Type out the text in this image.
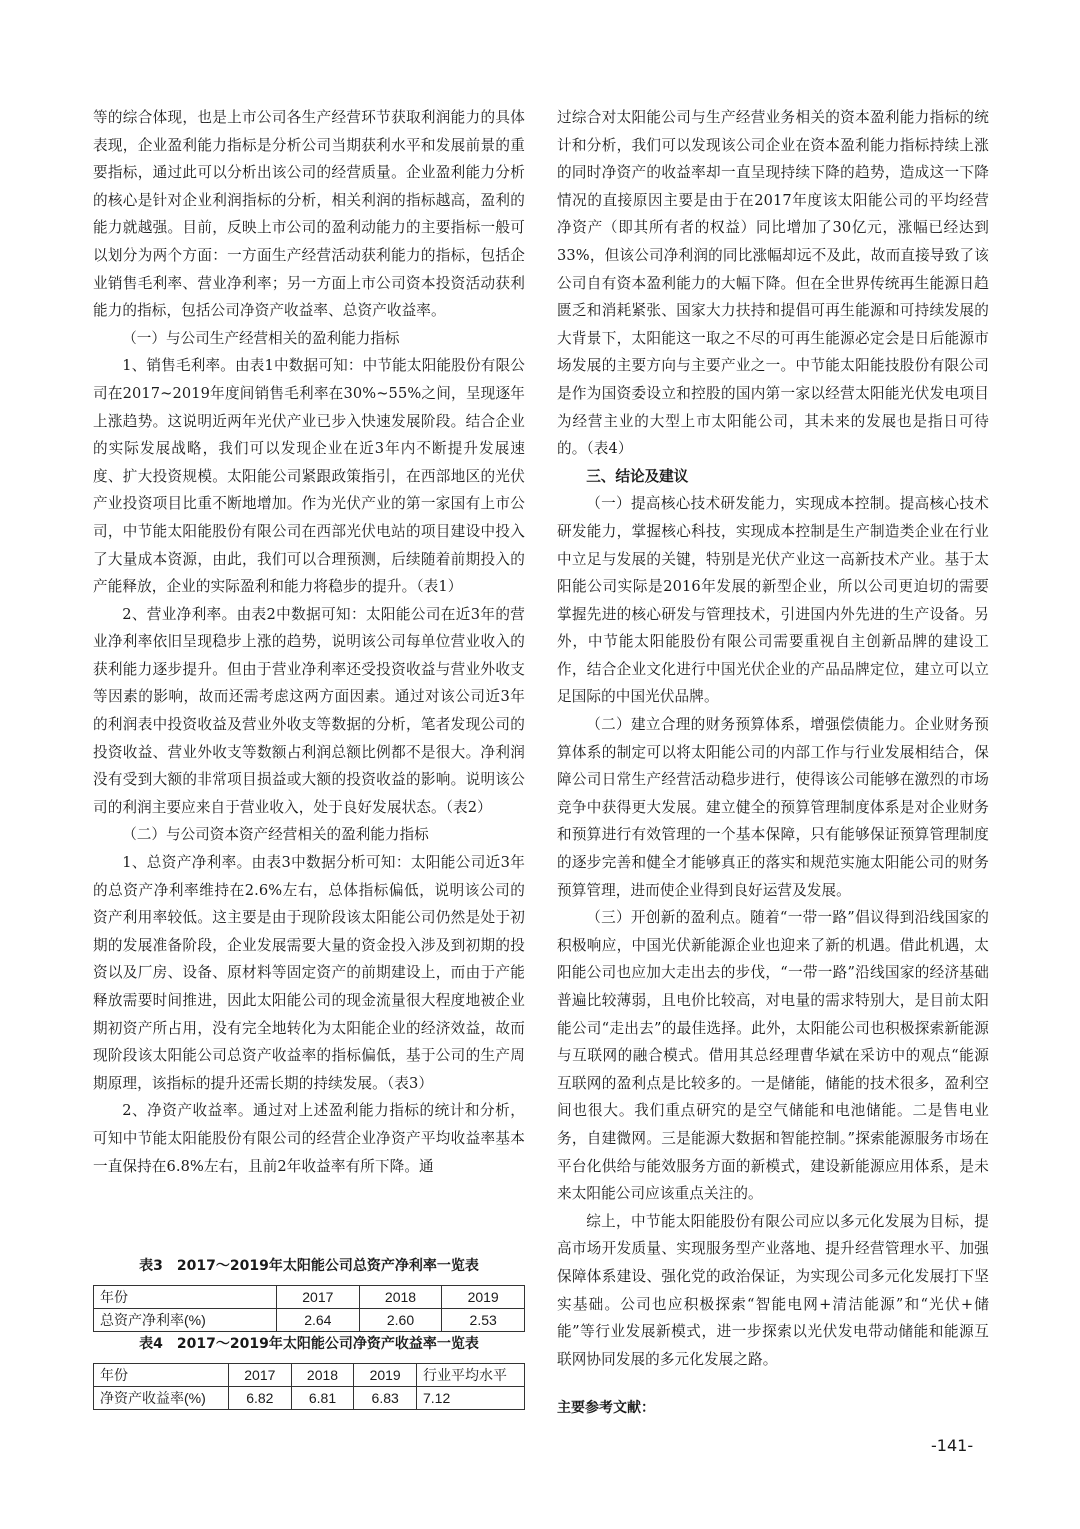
等的综合体现，也是上市公司各生产经营环节获取利润能力的具体表现，企业盈利能力指标是分析公司当期获利水平和发展前景的重要指标，通过此可以分析出该公司的经营质量。企业盈利能力分析的核心是针对企业利润指标的分析，相关利润的指标越高，盈利的能力就越强。目前，反映上市公司的盈利动能力的主要指标一般可以划分为两个方面：一方面生产经营活动获利能力的指标，包括企业销售毛利率、营业净利率；另一方面上市公司资本投资活动获利能力的指标，包括公司净资产收益率、总资产收益率。

（一）与公司生产经营相关的盈利能力指标

1、销售毛利率。由表1中数据可知：中节能太阳能股份有限公司在2017~2019年度间销售毛利率在30%~55%之间，呈现逐年上涨趋势。这说明近两年光伏产业已步入快速发展阶段。结合企业的实际发展战略，我们可以发现企业在近3年内不断提升发展速度、扩大投资规模。太阳能公司紧跟政策指引，在西部地区的光伏产业投资项目比重不断地增加。作为光伏产业的第一家国有上市公司，中节能太阳能股份有限公司在西部光伏电站的项目建设中投入了大量成本资源，由此，我们可以合理预测，后续随着前期投入的产能释放，企业的实际盈利和能力将稳步的提升。（表1）

2、营业净利率。由表2中数据可知：太阳能公司在近3年的营业净利率依旧呈现稳步上涨的趋势，说明该公司每单位营业收入的获利能力逐步提升。但由于营业净利率还受投资收益与营业外收支等因素的影响，故而还需考虑这两方面因素。通过对该公司近3年的利润表中投资收益及营业外收支等数据的分析，笔者发现公司的投资收益、营业外收支等数额占利润总额比例都不是很大。净利润没有受到大额的非常项目损益或大额的投资收益的影响。说明该公司的利润主要应来自于营业收入，处于良好发展状态。（表2）

（二）与公司资本资产经营相关的盈利能力指标

1、总资产净利率。由表3中数据分析可知：太阳能公司近3年的总资产净利率维持在2.6%左右，总体指标偏低，说明该公司的资产利用率较低。这主要是由于现阶段该太阳能公司仍然是处于初期的发展准备阶段，企业发展需要大量的资金投入涉及到初期的投资以及厂房、设备、原材料等固定资产的前期建设上，而由于产能释放需要时间推进，因此太阳能公司的现金流量很大程度地被企业期初资产所占用，没有完全地转化为太阳能企业的经济效益，故而现阶段该太阳能公司总资产收益率的指标偏低，基于公司的生产周期原理，该指标的提升还需长期的持续发展。（表3）

2、净资产收益率。通过对上述盈利能力指标的统计和分析，可知中节能太阳能股份有限公司的经营企业净资产平均收益率基本一直保持在6.8%左右，且前2年收益率有所下降。通

表3　2017～2019年太阳能公司总资产净利率一览表

年份	2017	2018	2019
总资产净利率(%)	2.64	2.60	2.53

表4　2017～2019年太阳能公司净资产收益率一览表

年份	2017	2018	2019	行业平均水平
净资产收益率(%)	6.82	6.81	6.83	7.12

过综合对太阳能公司与生产经营业务相关的资本盈利能力指标的统计和分析，我们可以发现该公司企业在资本盈利能力指标持续上涨的同时净资产的收益率却一直呈现持续下降的趋势，造成这一下降情况的直接原因主要是由于在2017年度该太阳能公司的平均经营净资产（即其所有者的权益）同比增加了30亿元，涨幅已经达到33%，但该公司净利润的同比涨幅却远不及此，故而直接导致了该公司自有资本盈利能力的大幅下降。但在全世界传统再生能源日趋匮乏和消耗紧张、国家大力扶持和提倡可再生能源和可持续发展的大背景下，太阳能这一取之不尽的可再生能源必定会是日后能源市场发展的主要方向与主要产业之一。中节能太阳能技股份有限公司是作为国资委设立和控股的国内第一家以经营太阳能光伏发电项目为经营主业的大型上市太阳能公司，其未来的发展也是指日可待的。（表4）

三、结论及建议

（一）提高核心技术研发能力，实现成本控制。提高核心技术研发能力，掌握核心科技，实现成本控制是生产制造类企业在行业中立足与发展的关键，特别是光伏产业这一高新技术产业。基于太阳能公司实际是2016年发展的新型企业，所以公司更迫切的需要掌握先进的核心研发与管理技术，引进国内外先进的生产设备。另外，中节能太阳能股份有限公司需要重视自主创新品牌的建设工作，结合企业文化进行中国光伏企业的产品品牌定位，建立可以立足国际的中国光伏品牌。

（二）建立合理的财务预算体系，增强偿债能力。企业财务预算体系的制定可以将太阳能公司的内部工作与行业发展相结合，保障公司日常生产经营活动稳步进行，使得该公司能够在激烈的市场竞争中获得更大发展。建立健全的预算管理制度体系是对企业财务和预算进行有效管理的一个基本保障，只有能够保证预算管理制度的逐步完善和健全才能够真正的落实和规范实施太阳能公司的财务预算管理，进而使企业得到良好运营及发展。

（三）开创新的盈利点。随着“一带一路”倡议得到沿线国家的积极响应，中国光伏新能源企业也迎来了新的机遇。借此机遇，太阳能公司也应加大走出去的步伐，“一带一路”沿线国家的经济基础普遍比较薄弱，且电价比较高，对电量的需求特别大，是目前太阳能公司“走出去”的最佳选择。此外，太阳能公司也积极探索新能源与互联网的融合模式。借用其总经理曹华斌在采访中的观点“能源互联网的盈利点是比较多的。一是储能，储能的技术很多，盈利空间也很大。我们重点研究的是空气储能和电池储能。二是售电业务，自建微网。三是能源大数据和智能控制。”探索能源服务市场在平台化供给与能效服务方面的新模式，建设新能源应用体系，是未来太阳能公司应该重点关注的。

综上，中节能太阳能股份有限公司应以多元化发展为目标，提高市场开发质量、实现服务型产业落地、提升经营管理水平、加强保障体系建设、强化党的政治保证，为实现公司多元化发展打下坚实基础。公司也应积极探索“智能电网+清洁能源”和“光伏+储能”等行业发展新模式，进一步探索以光伏发电带动储能和能源互联网协同发展的多元化发展之路。

主要参考文献：

-141-
